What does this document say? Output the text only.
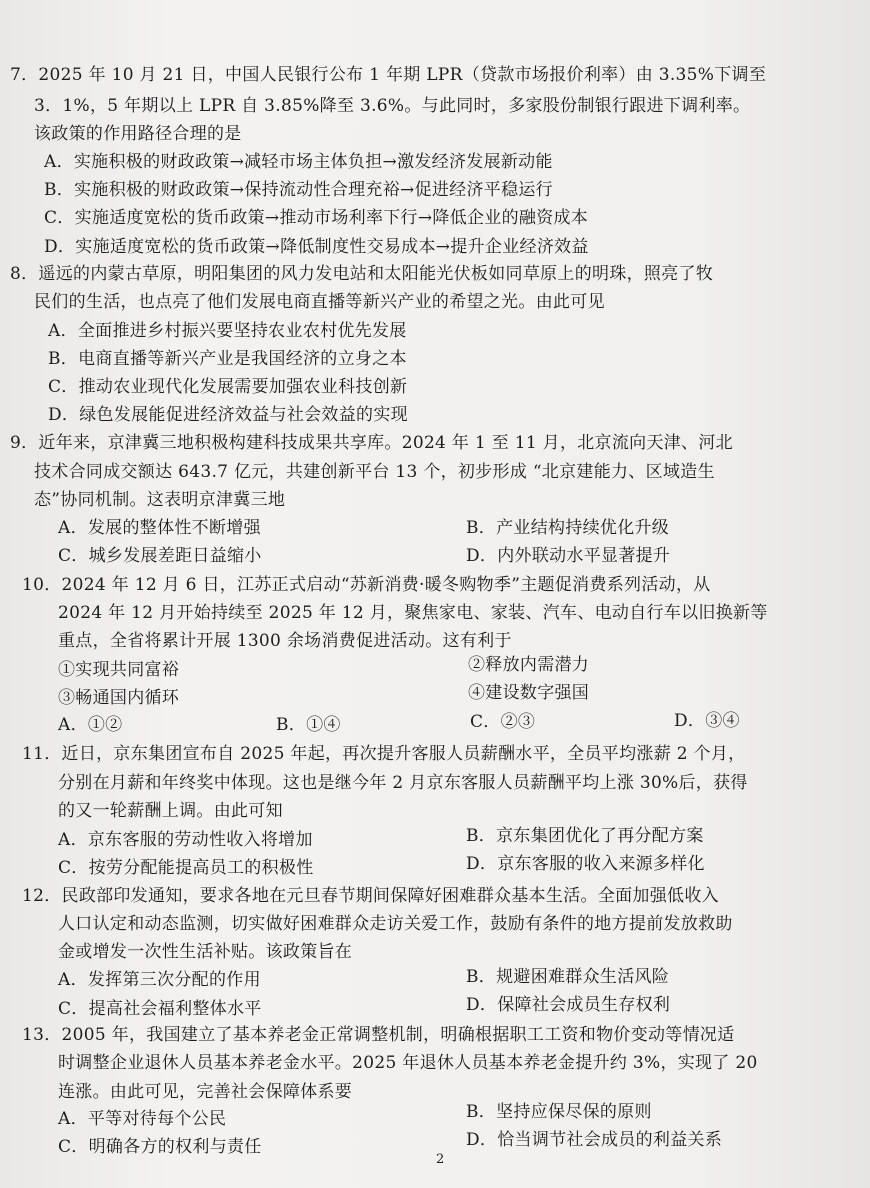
7．2025 年 10 月 21 日，中国人民银行公布 1 年期 LPR（贷款市场报价利率）由 3.35%下调至
3．1%，5 年期以上 LPR 自 3.85%降至 3.6%。与此同时，多家股份制银行跟进下调利率。
该政策的作用路径合理的是
A．实施积极的财政政策→减轻市场主体负担→激发经济发展新动能
B．实施积极的财政政策→保持流动性合理充裕→促进经济平稳运行
C．实施适度宽松的货币政策→推动市场利率下行→降低企业的融资成本
D．实施适度宽松的货币政策→降低制度性交易成本→提升企业经济效益
8．遥远的内蒙古草原，明阳集团的风力发电站和太阳能光伏板如同草原上的明珠，照亮了牧
民们的生活，也点亮了他们发展电商直播等新兴产业的希望之光。由此可见
A．全面推进乡村振兴要坚持农业农村优先发展
B．电商直播等新兴产业是我国经济的立身之本
C．推动农业现代化发展需要加强农业科技创新
D．绿色发展能促进经济效益与社会效益的实现
9．近年来，京津冀三地积极构建科技成果共享库。2024 年 1 至 11 月，北京流向天津、河北
技术合同成交额达 643.7 亿元，共建创新平台 13 个，初步形成 “北京建能力、区域造生
态”协同机制。这表明京津冀三地
A．发展的整体性不断增强	B．产业结构持续优化升级
C．城乡发展差距日益缩小	D．内外联动水平显著提升
10．2024 年 12 月 6 日，江苏正式启动“苏新消费·暖冬购物季”主题促消费系列活动，从
2024 年 12 月开始持续至 2025 年 12 月，聚焦家电、家装、汽车、电动自行车以旧换新等
重点，全省将累计开展 1300 余场消费促进活动。这有利于
①实现共同富裕	②释放内需潜力
③畅通国内循环	④建设数字强国
A．①②	B．①④	C．②③	D．③④
11．近日，京东集团宣布自 2025 年起，再次提升客服人员薪酬水平，全员平均涨薪 2 个月，
分别在月薪和年终奖中体现。这也是继今年 2 月京东客服人员薪酬平均上涨 30%后，获得
的又一轮薪酬上调。由此可知
A．京东客服的劳动性收入将增加	B．京东集团优化了再分配方案
C．按劳分配能提高员工的积极性	D．京东客服的收入来源多样化
12．民政部印发通知，要求各地在元旦春节期间保障好困难群众基本生活。全面加强低收入
人口认定和动态监测，切实做好困难群众走访关爱工作，鼓励有条件的地方提前发放救助
金或增发一次性生活补贴。该政策旨在
A．发挥第三次分配的作用	B．规避困难群众生活风险
C．提高社会福利整体水平	D．保障社会成员生存权利
13．2005 年，我国建立了基本养老金正常调整机制，明确根据职工工资和物价变动等情况适
时调整企业退休人员基本养老金水平。2025 年退休人员基本养老金提升约 3%，实现了 20
连涨。由此可见，完善社会保障体系要
A．平等对待每个公民	B．坚持应保尽保的原则
C．明确各方的权利与责任	D．恰当调节社会成员的利益关系
2
